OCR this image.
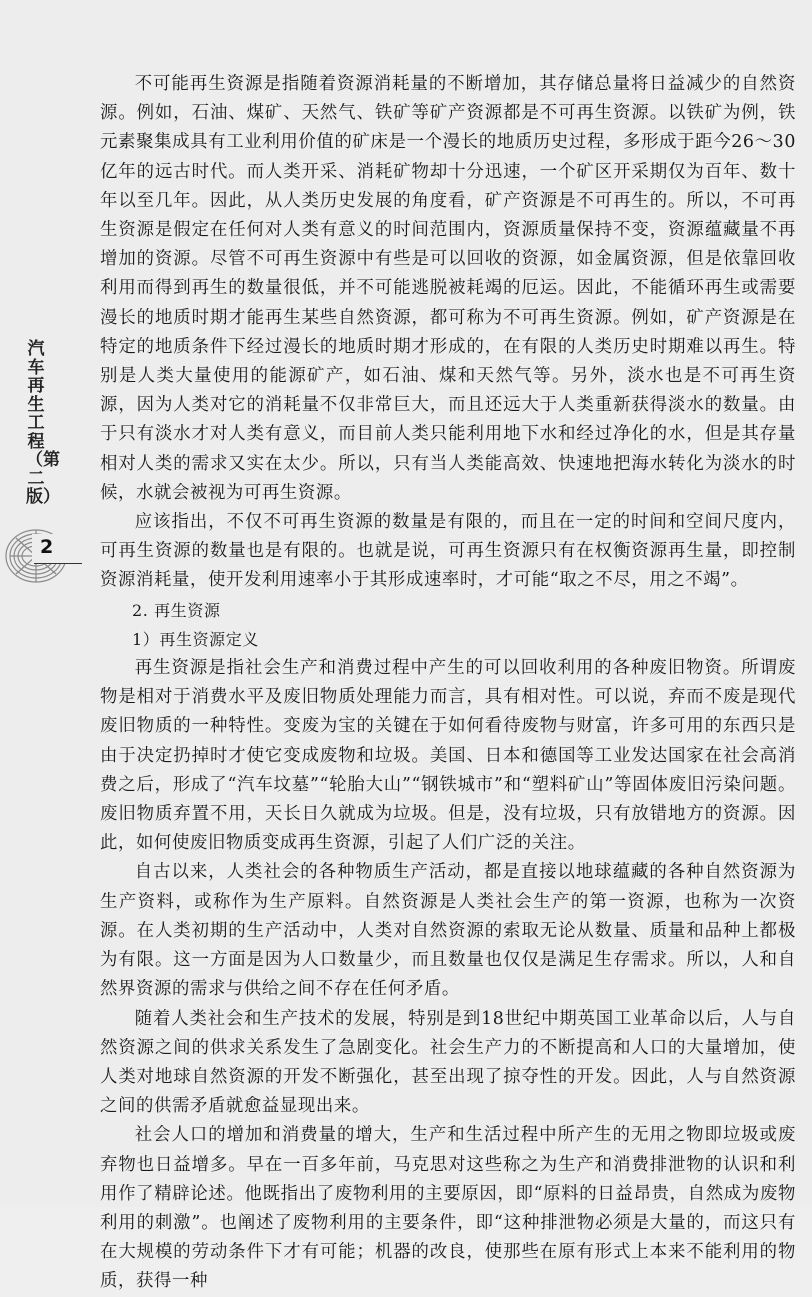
汽车再生工程（第二版）
2

不可能再生资源是指随着资源消耗量的不断增加，其存储总量将日益减少的自然资源。例如，石油、煤矿、天然气、铁矿等矿产资源都是不可再生资源。以铁矿为例，铁元素聚集成具有工业利用价值的矿床是一个漫长的地质历史过程，多形成于距今26～30亿年的远古时代。而人类开采、消耗矿物却十分迅速，一个矿区开采期仅为百年、数十年以至几年。因此，从人类历史发展的角度看，矿产资源是不可再生的。所以，不可再生资源是假定在任何对人类有意义的时间范围内，资源质量保持不变，资源蕴藏量不再增加的资源。尽管不可再生资源中有些是可以回收的资源，如金属资源，但是依靠回收利用而得到再生的数量很低，并不可能逃脱被耗竭的厄运。因此，不能循环再生或需要漫长的地质时期才能再生某些自然资源，都可称为不可再生资源。例如，矿产资源是在特定的地质条件下经过漫长的地质时期才形成的，在有限的人类历史时期难以再生。特别是人类大量使用的能源矿产，如石油、煤和天然气等。另外，淡水也是不可再生资源，因为人类对它的消耗量不仅非常巨大，而且还远大于人类重新获得淡水的数量。由于只有淡水才对人类有意义，而目前人类只能利用地下水和经过净化的水，但是其存量相对人类的需求又实在太少。所以，只有当人类能高效、快速地把海水转化为淡水的时候，水就会被视为可再生资源。

应该指出，不仅不可再生资源的数量是有限的，而且在一定的时间和空间尺度内，可再生资源的数量也是有限的。也就是说，可再生资源只有在权衡资源再生量，即控制资源消耗量，使开发利用速率小于其形成速率时，才可能“取之不尽，用之不竭”。

2. 再生资源
1）再生资源定义

再生资源是指社会生产和消费过程中产生的可以回收利用的各种废旧物资。所谓废物是相对于消费水平及废旧物质处理能力而言，具有相对性。可以说，弃而不废是现代废旧物质的一种特性。变废为宝的关键在于如何看待废物与财富，许多可用的东西只是由于决定扔掉时才使它变成废物和垃圾。美国、日本和德国等工业发达国家在社会高消费之后，形成了“汽车坟墓”“轮胎大山”“钢铁城市”和“塑料矿山”等固体废旧污染问题。废旧物质弃置不用，天长日久就成为垃圾。但是，没有垃圾，只有放错地方的资源。因此，如何使废旧物质变成再生资源，引起了人们广泛的关注。

自古以来，人类社会的各种物质生产活动，都是直接以地球蕴藏的各种自然资源为生产资料，或称作为生产原料。自然资源是人类社会生产的第一资源，也称为一次资源。在人类初期的生产活动中，人类对自然资源的索取无论从数量、质量和品种上都极为有限。这一方面是因为人口数量少，而且数量也仅仅是满足生存需求。所以，人和自然界资源的需求与供给之间不存在任何矛盾。

随着人类社会和生产技术的发展，特别是到18世纪中期英国工业革命以后，人与自然资源之间的供求关系发生了急剧变化。社会生产力的不断提高和人口的大量增加，使人类对地球自然资源的开发不断强化，甚至出现了掠夺性的开发。因此，人与自然资源之间的供需矛盾就愈益显现出来。

社会人口的增加和消费量的增大，生产和生活过程中所产生的无用之物即垃圾或废弃物也日益增多。早在一百多年前，马克思对这些称之为生产和消费排泄物的认识和利用作了精辟论述。他既指出了废物利用的主要原因，即“原料的日益昂贵，自然成为废物利用的刺激”。也阐述了废物利用的主要条件，即“这种排泄物必须是大量的，而这只有在大规模的劳动条件下才有可能；机器的改良，使那些在原有形式上本来不能利用的物质，获得一种
